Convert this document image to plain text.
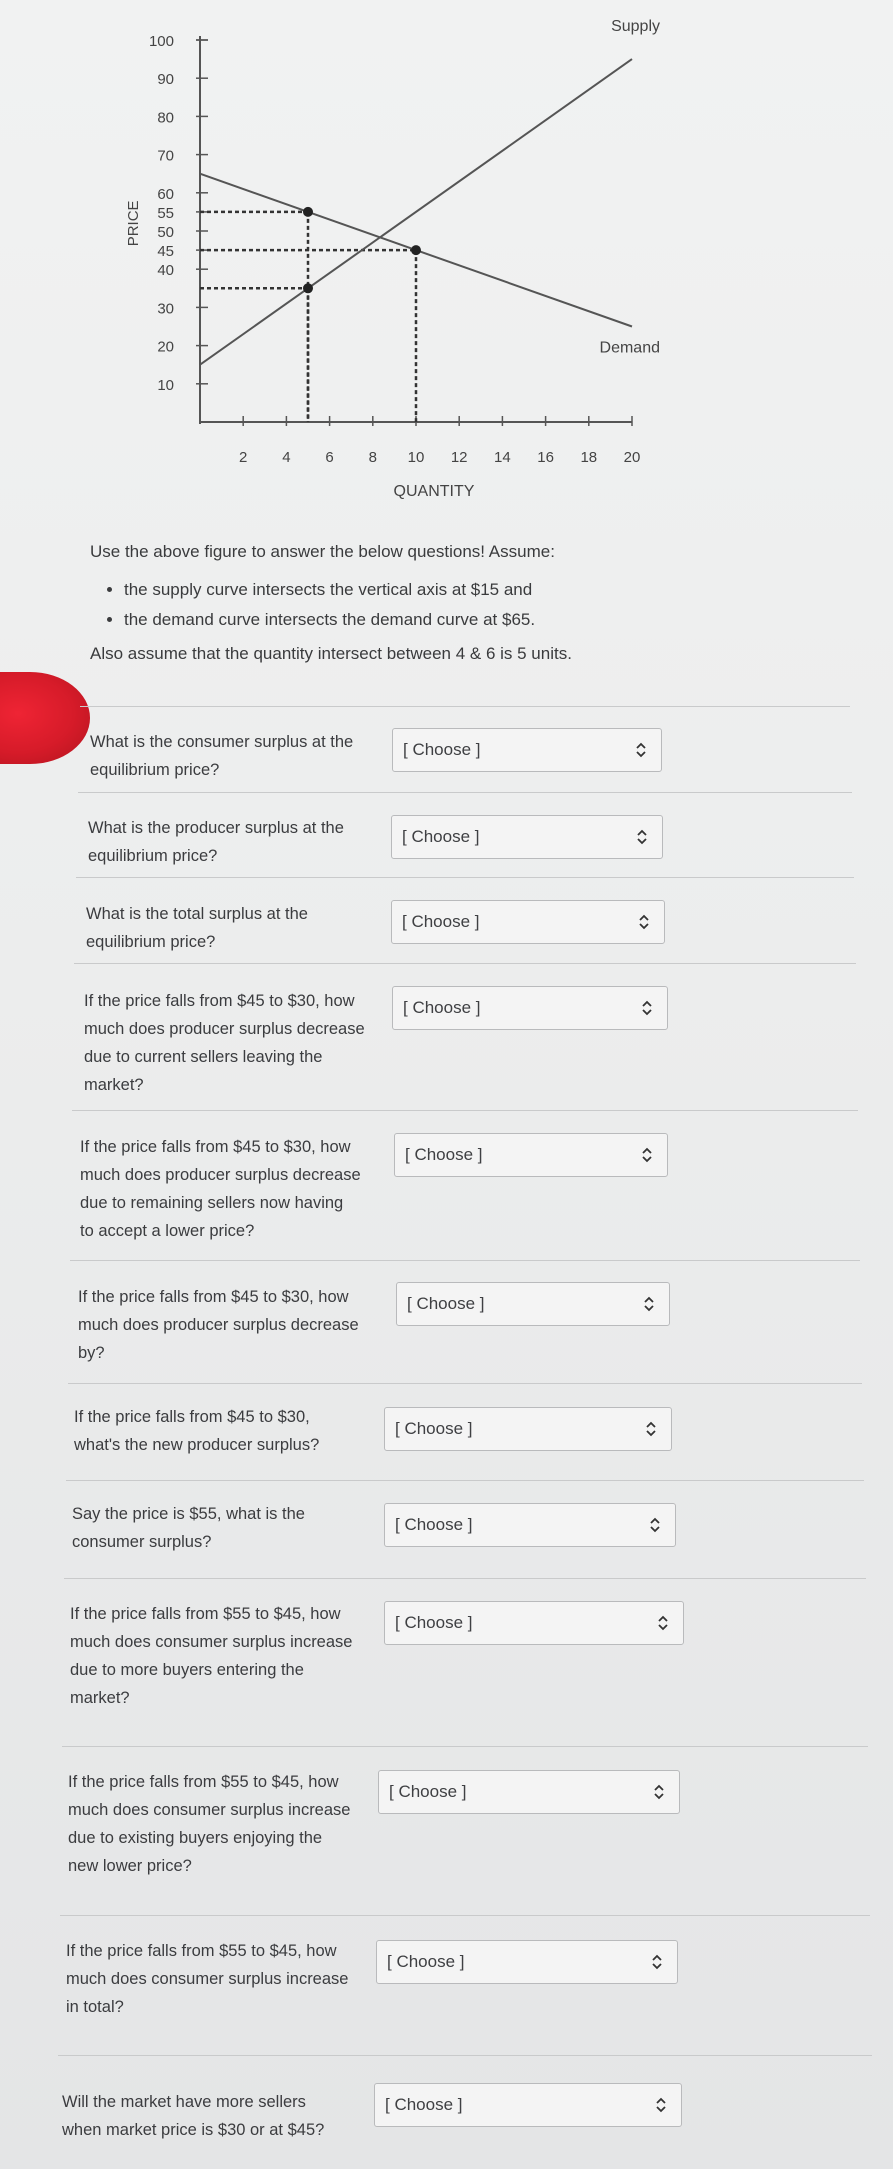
10
20
30
40
45
50
55
60
70
80
90
100
2 4 6 8 10 12 14 16 18 20
QUANTITY
PRICE
Supply
Demand

Use the above figure to answer the below questions! Assume:

• the supply curve intersects the vertical axis at $15 and
• the demand curve intersects the demand curve at $65.

Also assume that the quantity intersect between 4 & 6 is 5 units.

What is the consumer surplus at the
equilibrium price?
[ Choose ]
What is the producer surplus at the
equilibrium price?
[ Choose ]
What is the total surplus at the
equilibrium price?
[ Choose ]
If the price falls from $45 to $30, how
much does producer surplus decrease
due to current sellers leaving the
market?
[ Choose ]
If the price falls from $45 to $30, how
much does producer surplus decrease
due to remaining sellers now having
to accept a lower price?
[ Choose ]
If the price falls from $45 to $30, how
much does producer surplus decrease
by?
[ Choose ]
If the price falls from $45 to $30,
what's the new producer surplus?
[ Choose ]
Say the price is $55, what is the
consumer surplus?
[ Choose ]
If the price falls from $55 to $45, how
much does consumer surplus increase
due to more buyers entering the
market?
[ Choose ]
If the price falls from $55 to $45, how
much does consumer surplus increase
due to existing buyers enjoying the
new lower price?
[ Choose ]
If the price falls from $55 to $45, how
much does consumer surplus increase
in total?
[ Choose ]
Will the market have more sellers
when market price is $30 or at $45?
[ Choose ]
